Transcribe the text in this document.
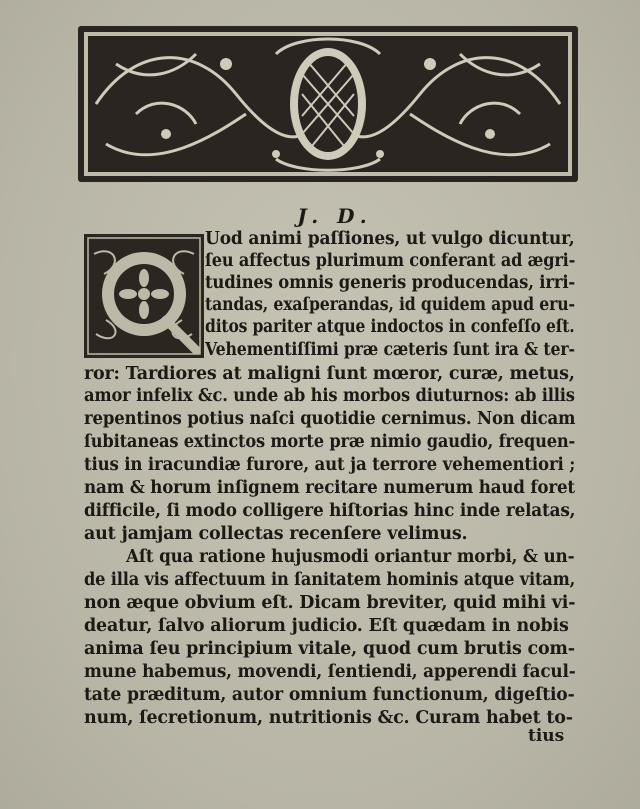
J. D.
Uod animi paſſiones, ut vulgo dicuntur,
ſeu affectus plurimum conferant ad ægri-
tudines omnis generis producendas, irri-
tandas, exaſperandas, id quidem apud eru-
ditos pariter atque indoctos in confeſſo eſt.
Vehementiſſimi præ cæteris ſunt ira & ter-
ror: Tardiores at maligni ſunt mœror, curæ, metus,
amor infelix &c. unde ab his morbos diuturnos: ab illis
repentinos potius naſci quotidie cernimus. Non dicam
ſubitaneas extinctos morte præ nimio gaudio, frequen-
tius in iracundiæ furore, aut ja terrore vehementiori ;
nam & horum inſignem recitare numerum haud foret
difficile, ſi modo colligere hiſtorias hinc inde relatas,
aut jamjam collectas recenſere velimus.
Aſt qua ratione hujusmodi oriantur morbi, & un-
de illa vis affectuum in ſanitatem hominis atque vitam,
non æque obvium eſt. Dicam breviter, quid mihi vi-
deatur, ſalvo aliorum judicio. Eſt quædam in nobis
anima ſeu principium vitale, quod cum brutis com-
mune habemus, movendi, ſentiendi, apperendi facul-
tate præditum, autor omnium functionum, digeſtio-
num, ſecretionum, nutritionis &c. Curam habet to-
tius
